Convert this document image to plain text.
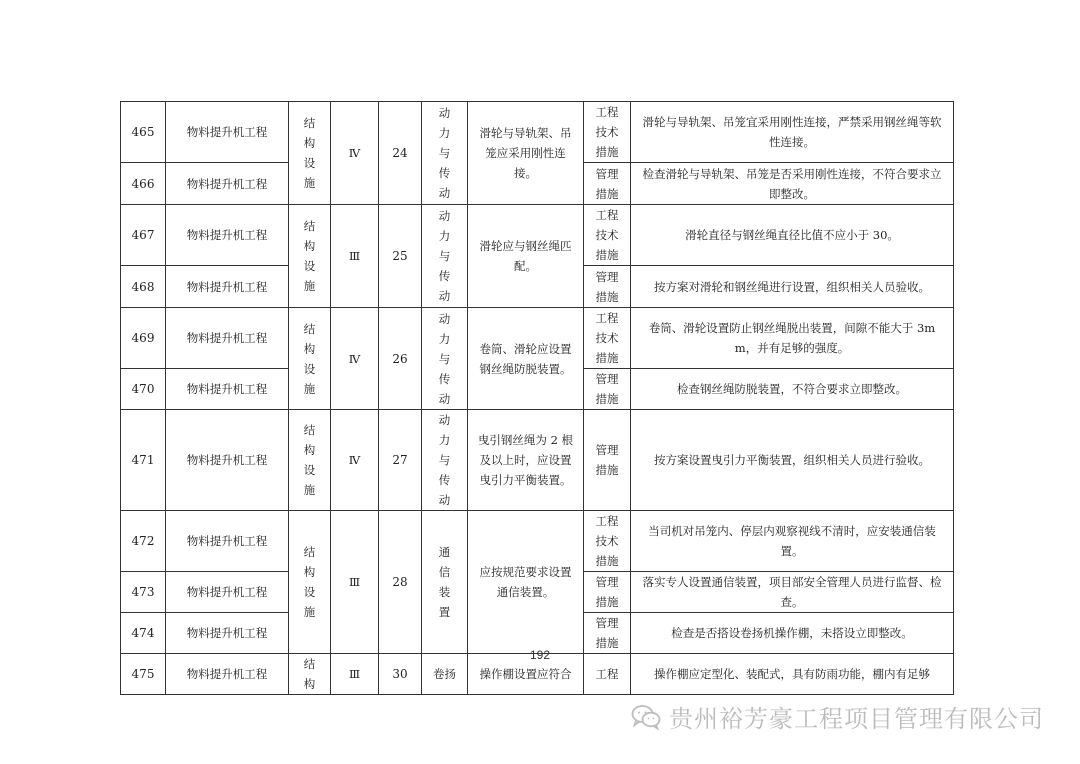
465	物料提升机工程	结构设施	Ⅳ	24	动力与传动	滑轮与导轨架、吊笼应采用刚性连接。	工程技术措施	滑轮与导轨架、吊笼宜采用刚性连接，严禁采用钢丝绳等软性连接。
466	物料提升机工程						管理措施	检查滑轮与导轨架、吊笼是否采用刚性连接，不符合要求立即整改。
467	物料提升机工程	结构设施	Ⅲ	25	动力与传动	滑轮应与钢丝绳匹配。	工程技术措施	滑轮直径与钢丝绳直径比值不应小于 30。
468	物料提升机工程						管理措施	按方案对滑轮和钢丝绳进行设置，组织相关人员验收。
469	物料提升机工程	结构设施	Ⅳ	26	动力与传动	卷筒、滑轮应设置钢丝绳防脱装置。	工程技术措施	卷筒、滑轮设置防止钢丝绳脱出装置，间隙不能大于 3mm，并有足够的强度。
470	物料提升机工程						管理措施	检查钢丝绳防脱装置，不符合要求立即整改。
471	物料提升机工程	结构设施	Ⅳ	27	动力与传动	曳引钢丝绳为 2 根及以上时，应设置曳引力平衡装置。	管理措施	按方案设置曳引力平衡装置，组织相关人员进行验收。
472	物料提升机工程	结构设施	Ⅲ	28	通信装置	应按规范要求设置通信装置。	工程技术措施	当司机对吊笼内、停层内观察视线不清时，应安装通信装置。
473	物料提升机工程						管理措施	落实专人设置通信装置，项目部安全管理人员进行监督、检查。
474	物料提升机工程						管理措施	检查是否搭设卷扬机操作棚，未搭设立即整改。
475	物料提升机工程	结构	Ⅲ	30	卷扬	操作棚设置应符合	工程	操作棚应定型化、装配式，具有防雨功能，棚内有足够
192
贵州裕芳豪工程项目管理有限公司
